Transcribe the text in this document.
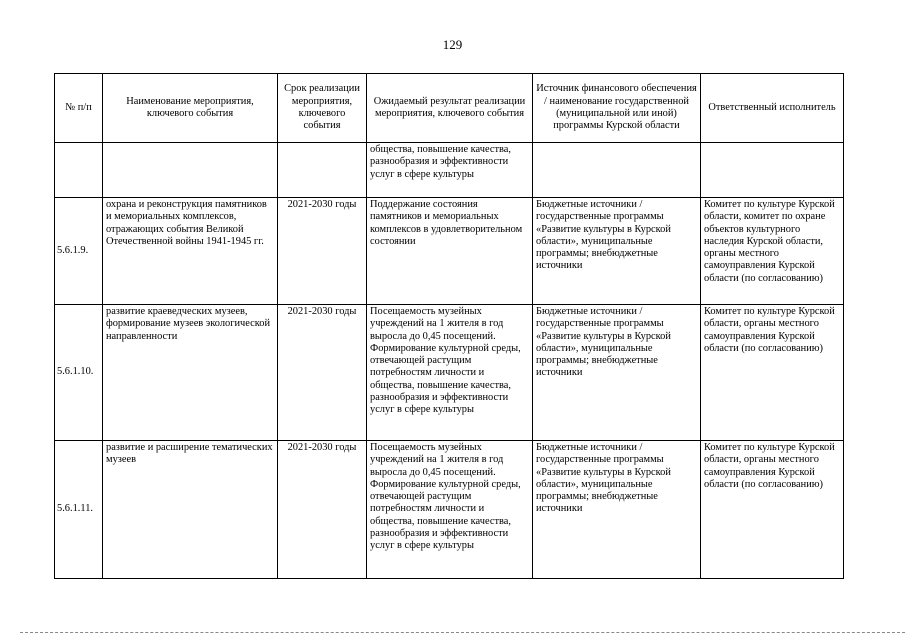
129
№ п/п	Наименование мероприятия, ключевого события	Срок реализации мероприятия, ключевого события	Ожидаемый результат реализации мероприятия, ключевого события	Источник финансового обеспечения / наименование государственной (муниципальной или иной) программы Курской области	Ответственный исполнитель
			общества, повышение качества, разнообразия и эффективности услуг в сфере культуры		
5.6.1.9.	охрана и реконструкция памятников и мемориальных комплексов, отражающих события Великой Отечественной войны 1941-1945 гг.	2021-2030 годы	Поддержание состояния памятников и мемориальных комплексов в удовлетворительном состоянии	Бюджетные источники / государственные программы «Развитие культуры в Курской области», муниципальные программы; внебюджетные источники	Комитет по культуре Курской области, комитет по охране объектов культурного наследия Курской области, органы местного самоуправления Курской области (по согласованию)
5.6.1.10.	развитие краеведческих музеев, формирование музеев экологической направленности	2021-2030 годы	Посещаемость музейных учреждений на 1 жителя в год выросла до 0,45 посещений. Формирование культурной среды, отвечающей растущим потребностям личности и общества, повышение качества, разнообразия и эффективности услуг в сфере культуры	Бюджетные источники / государственные программы «Развитие культуры в Курской области», муниципальные программы; внебюджетные источники	Комитет по культуре Курской области, органы местного самоуправления Курской области (по согласованию)
5.6.1.11.	развитие и расширение тематических музеев	2021-2030 годы	Посещаемость музейных учреждений на 1 жителя в год выросла до 0,45 посещений. Формирование культурной среды, отвечающей растущим потребностям личности и общества, повышение качества, разнообразия и эффективности услуг в сфере культуры	Бюджетные источники / государственные программы «Развитие культуры в Курской области», муниципальные программы; внебюджетные источники	Комитет по культуре Курской области, органы местного самоуправления Курской области (по согласованию)
